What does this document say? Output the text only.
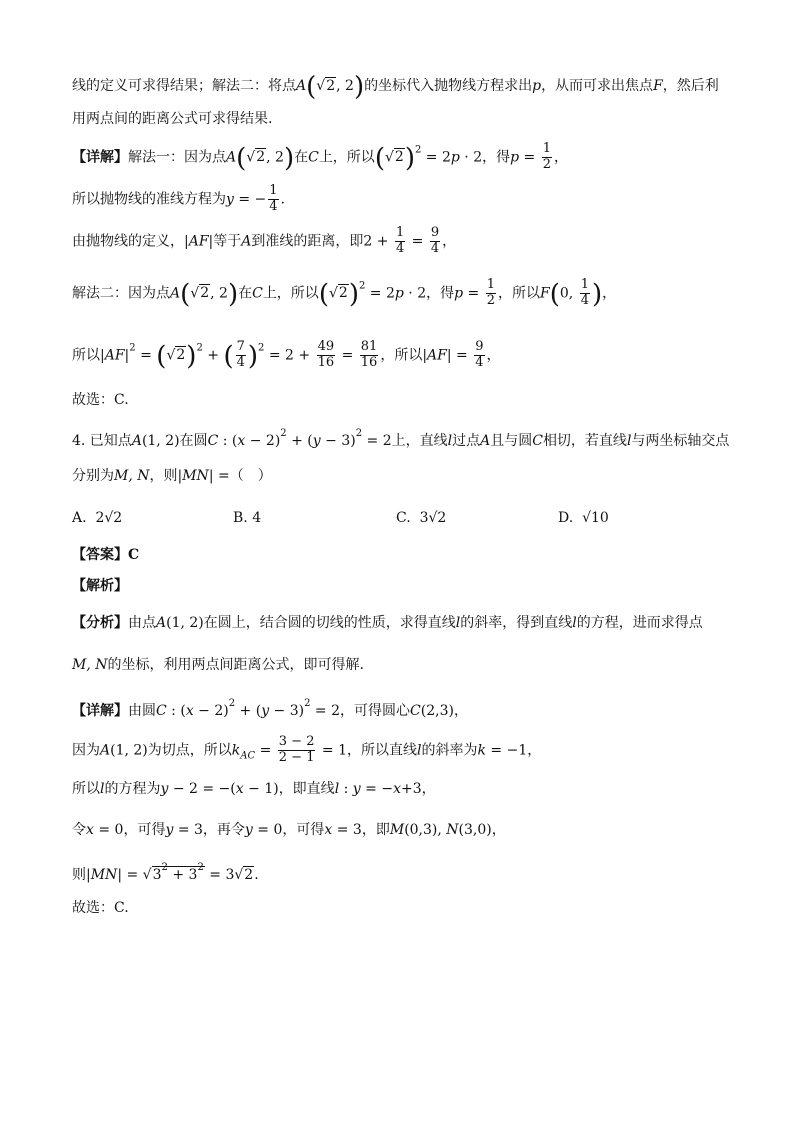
线的定义可求得结果；解法二：将点A(√2, 2)的坐标代入抛物线方程求出p，从而可求出焦点F，然后利
用两点间的距离公式可求得结果.
【详解】解法一：因为点A(√2, 2)在C上，所以$(√2)^2 = 2p \cdot 2$，得$p = \frac{1}{2}$ ，
所以抛物线的准线方程为y = − $\frac{1}{4}$ .
由抛物线的定义，|AF|等于A到准线的距离，即$2 + \frac{1}{4} = \frac{9}{4}$ ，
解法二：因为点A(√2, 2)在C上，所以$(√2)^2 = 2p \cdot 2$，得$p = \frac{1}{2}$ ，所以F(0, $\frac{1}{4}$ )，
所以$|AF|^2 = (√2)^2$ + ( $\frac{7}{4} )^2 = 2 + \frac{49}{16} = \frac{81}{16}$ ，所以$|AF| = \frac{9}{4}$ ，
故选：C.
4. 已知点A(1, 2)在圆C : $(x - 2)^2 + (y - 3)^2 = 2$上，直线l过点A且与圆C相切，若直线l与两坐标轴交点
分别为M, N，则|MN| =（　）
A. 2√2	B. 4	C. 3√2	D. √10
【答案】C
【解析】
【分析】由点A(1, 2)在圆上，结合圆的切线的性质，求得直线l的斜率，得到直线l的方程，进而求得点
M, N的坐标，利用两点间距离公式，即可得解.
【详解】由圆C : $(x - 2)^2 + (y - 3)^2 = 2$，可得圆心C(2,3)，
因为A(1, 2)为切点，所以$k_{AC} = \frac{3 - 2}{2 - 1} = 1$，所以直线l的斜率为k = −1，
所以l的方程为y − 2 = −(x − 1)，即直线l : y = −x+3，
令x = 0，可得y = 3，再令y = 0，可得x = 3，即M(0,3), N(3,0)，
则$|MN| = √3^2 + 3^2 = 3√2$.
故选：C.
